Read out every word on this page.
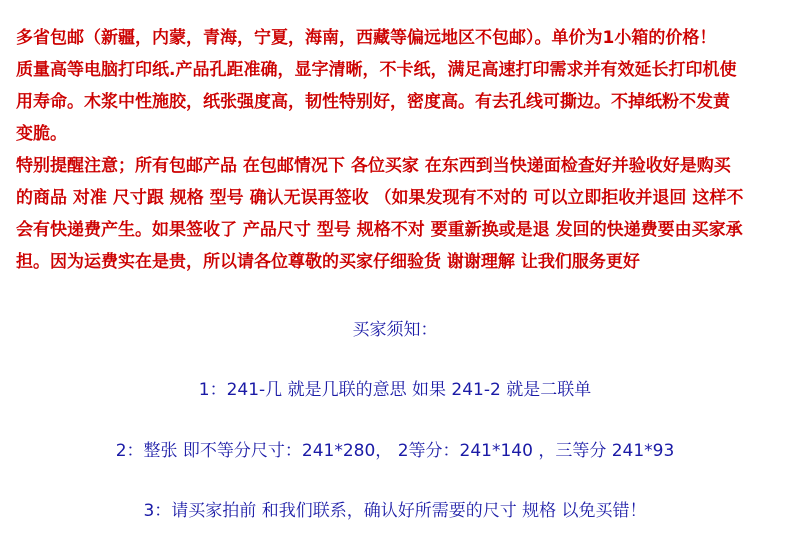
多省包邮（新疆，内蒙，青海，宁夏，海南，西藏等偏远地区不包邮）。单价为1小箱的价格！

质量高等电脑打印纸.产品孔距准确，显字清晰，不卡纸，满足高速打印需求并有效延长打印机使

用寿命。木浆中性施胶，纸张强度高，韧性特别好，密度高。有去孔线可撕边。不掉纸粉不发黄

变脆。

特别提醒注意；所有包邮产品 在包邮情况下 各位买家 在东西到当快递面检查好并验收好是购买

的商品 对准 尺寸跟 规格 型号 确认无误再签收 （如果发现有不对的 可以立即拒收并退回 这样不

会有快递费产生。如果签收了 产品尺寸 型号 规格不对 要重新换或是退 发回的快递费要由买家承

担。因为运费实在是贵，所以请各位尊敬的买家仔细验货 谢谢理解 让我们服务更好

买家须知：
1：241-几 就是几联的意思 如果 241-2 就是二联单
2：整张 即不等分尺寸：241*280， 2等分：241*140 ，三等分 241*93
3：请买家拍前 和我们联系，确认好所需要的尺寸 规格 以免买错！
